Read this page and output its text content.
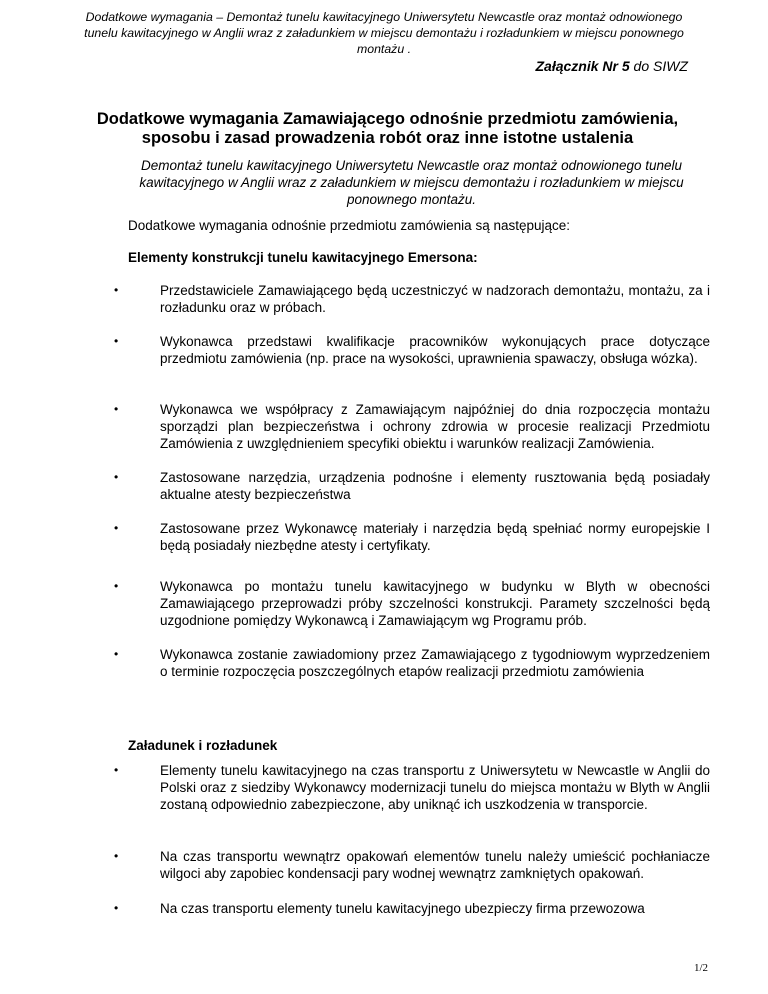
Dodatkowe wymagania – Demontaż tunelu kawitacyjnego Uniwersytetu Newcastle oraz montaż odnowionego tunelu kawitacyjnego w Anglii wraz z załadunkiem w miejscu demontażu i rozładunkiem w miejscu ponownego montażu .
Załącznik Nr 5 do SIWZ
Dodatkowe wymagania Zamawiającego odnośnie przedmiotu zamówienia, sposobu i zasad prowadzenia robót oraz inne istotne ustalenia
Demontaż tunelu kawitacyjnego Uniwersytetu Newcastle oraz montaż odnowionego tunelu kawitacyjnego w Anglii wraz z załadunkiem w miejscu demontażu i rozładunkiem w miejscu ponownego montażu.
Dodatkowe wymagania odnośnie przedmiotu zamówienia są następujące:
Elementy konstrukcji tunelu kawitacyjnego Emersona:
• Przedstawiciele Zamawiającego będą uczestniczyć w nadzorach demontażu, montażu, za i rozładunku oraz w próbach.
• Wykonawca przedstawi kwalifikacje pracowników wykonujących prace dotyczące przedmiotu zamówienia (np. prace na wysokości, uprawnienia spawaczy, obsługa wózka).
• Wykonawca we współpracy z Zamawiającym najpóźniej do dnia rozpoczęcia montażu sporządzi plan bezpieczeństwa i ochrony zdrowia w procesie realizacji Przedmiotu Zamówienia z uwzględnieniem specyfiki obiektu i warunków realizacji Zamówienia.
• Zastosowane narzędzia, urządzenia podnośne i elementy rusztowania będą posiadały aktualne atesty bezpieczeństwa
• Zastosowane przez Wykonawcę materiały i narzędzia będą spełniać normy europejskie I będą posiadały niezbędne atesty i certyfikaty.
• Wykonawca po montażu tunelu kawitacyjnego w budynku w Blyth w obecności Zamawiającego przeprowadzi próby szczelności konstrukcji. Paramety szczelności będą uzgodnione pomiędzy Wykonawcą i Zamawiającym wg Programu prób.
• Wykonawca zostanie zawiadomiony przez Zamawiającego z tygodniowym wyprzedzeniem o terminie rozpoczęcia poszczególnych etapów realizacji przedmiotu zamówienia
Załadunek i rozładunek
• Elementy tunelu kawitacyjnego na czas transportu z Uniwersytetu w Newcastle w Anglii do Polski oraz z siedziby Wykonawcy modernizacji tunelu do miejsca montażu w Blyth w Anglii zostaną odpowiednio zabezpieczone, aby uniknąć ich uszkodzenia w transporcie.
• Na czas transportu wewnątrz opakowań elementów tunelu należy umieścić pochłaniacze wilgoci aby zapobiec kondensacji pary wodnej wewnątrz zamkniętych opakowań.
• Na czas transportu elementy tunelu kawitacyjnego ubezpieczy firma przewozowa
1/2
